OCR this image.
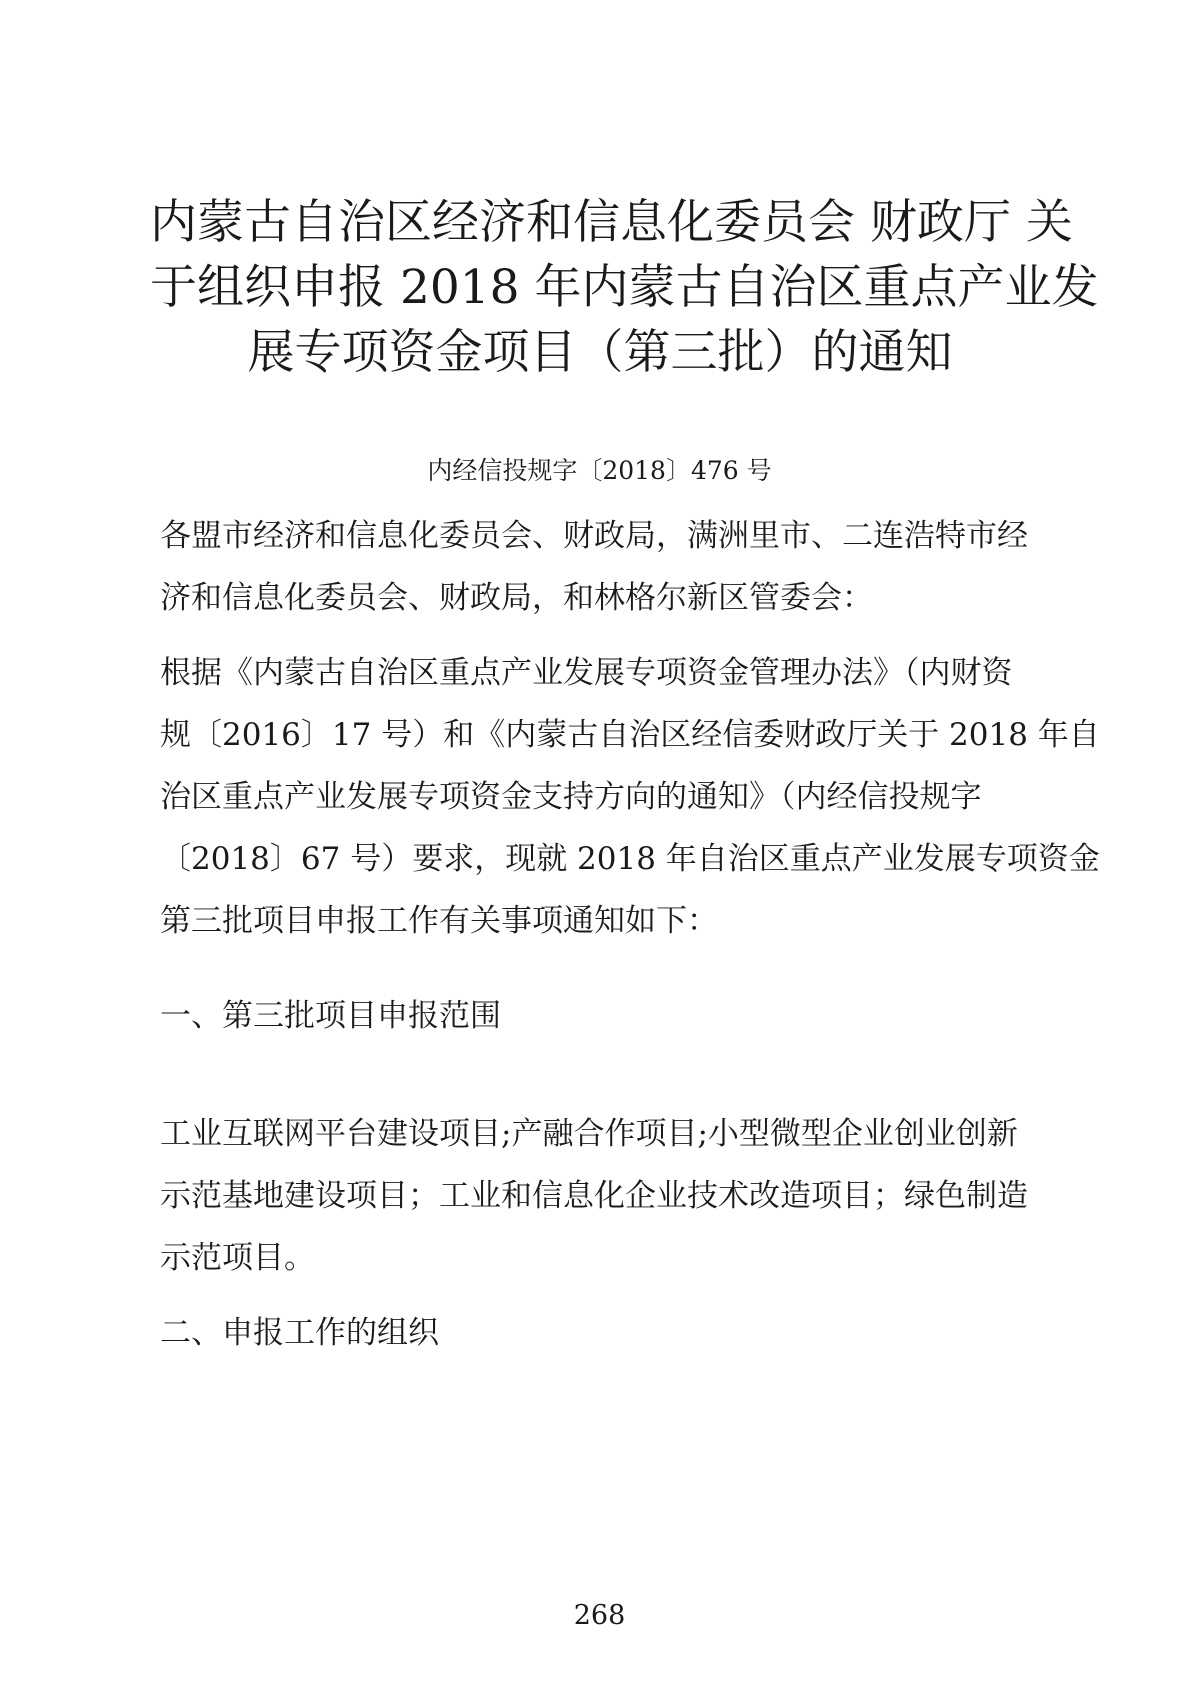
内蒙古自治区经济和信息化委员会 财政厅 关
于组织申报 2018 年内蒙古自治区重点产业发
展专项资金项目（第三批）的通知
内经信投规字〔2018〕476 号
各盟市经济和信息化委员会、财政局，满洲里市、二连浩特市经
济和信息化委员会、财政局，和林格尔新区管委会：
根据《内蒙古自治区重点产业发展专项资金管理办法》（内财资
规〔2016〕17 号）和《内蒙古自治区经信委财政厅关于 2018 年自
治区重点产业发展专项资金支持方向的通知》（内经信投规字
〔2018〕67 号）要求，现就 2018 年自治区重点产业发展专项资金
第三批项目申报工作有关事项通知如下：
一、第三批项目申报范围
工业互联网平台建设项目;产融合作项目;小型微型企业创业创新
示范基地建设项目；工业和信息化企业技术改造项目；绿色制造
示范项目。
二、申报工作的组织
268
